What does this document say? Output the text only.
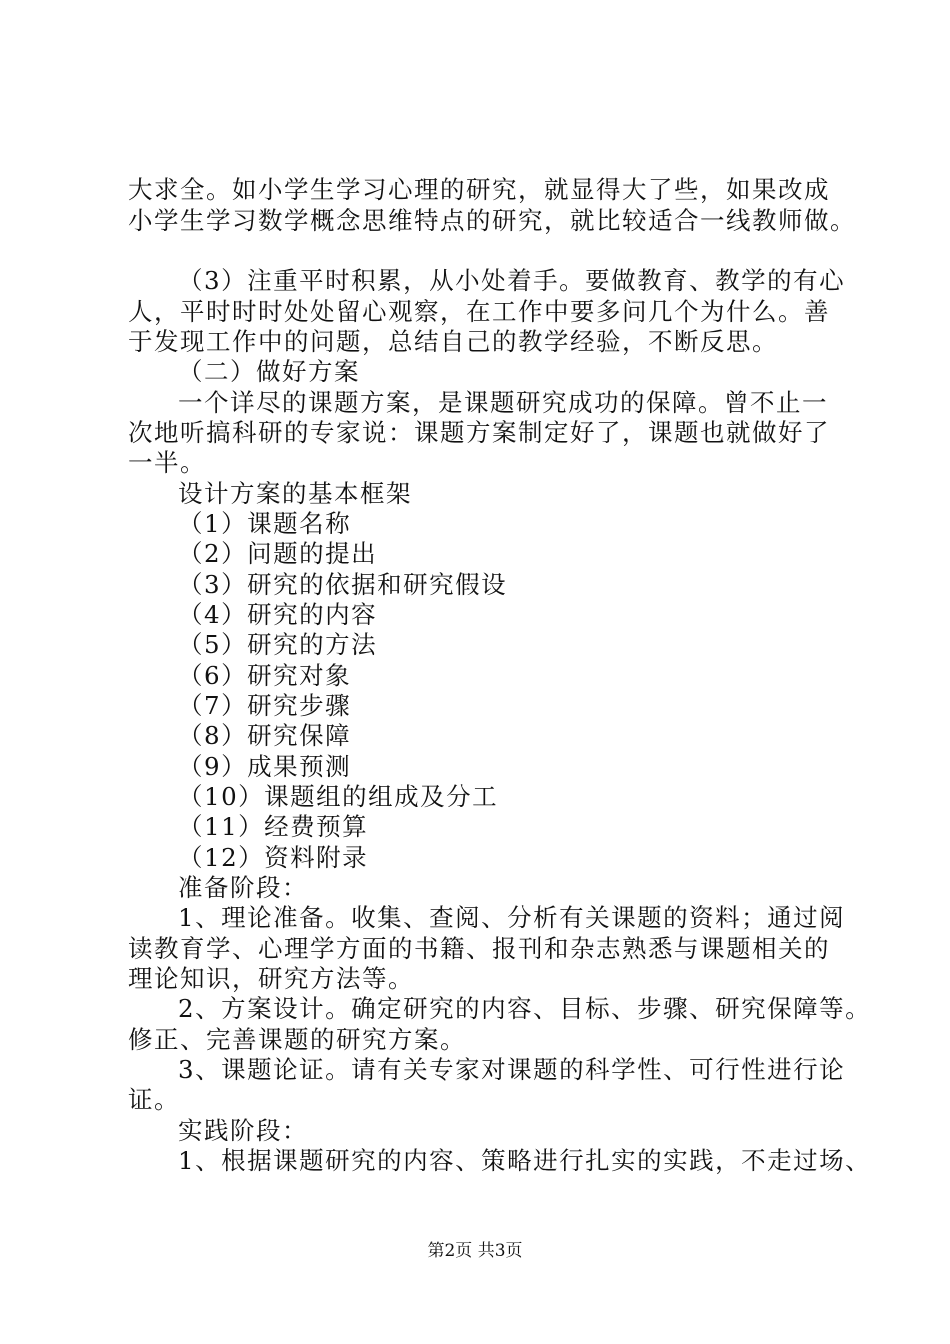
大求全。如小学生学习心理的研究，就显得大了些，如果改成
小学生学习数学概念思维特点的研究，就比较适合一线教师做。
（3）注重平时积累，从小处着手。要做教育、教学的有心
人，平时时时处处留心观察，在工作中要多问几个为什么。善
于发现工作中的问题，总结自己的教学经验，不断反思。
（二）做好方案
一个详尽的课题方案，是课题研究成功的保障。曾不止一
次地听搞科研的专家说：课题方案制定好了，课题也就做好了
一半。
设计方案的基本框架
（1）课题名称
（2）问题的提出
（3）研究的依据和研究假设
（4）研究的内容
（5）研究的方法
（6）研究对象
（7）研究步骤
（8）研究保障
（9）成果预测
（10）课题组的组成及分工
（11）经费预算
（12）资料附录
准备阶段：
1、理论准备。收集、查阅、分析有关课题的资料；通过阅
读教育学、心理学方面的书籍、报刊和杂志熟悉与课题相关的
理论知识，研究方法等。
2、方案设计。确定研究的内容、目标、步骤、研究保障等。
修正、完善课题的研究方案。
3、课题论证。请有关专家对课题的科学性、可行性进行论
证。
实践阶段：
1、根据课题研究的内容、策略进行扎实的实践，不走过场、
第2页 共3页
